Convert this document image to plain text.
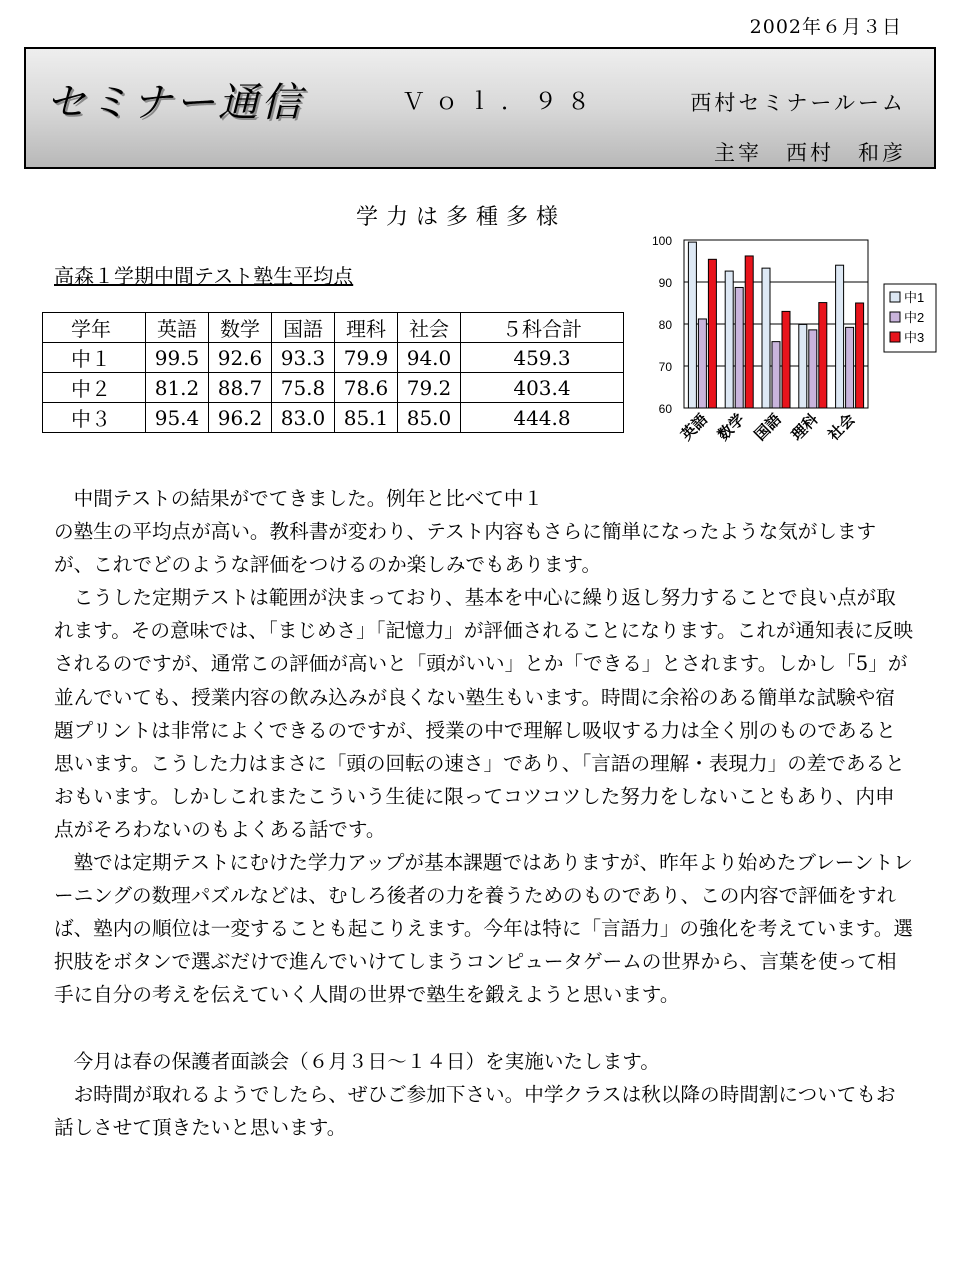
2002年６月３日
セミナー通信	Ｖｏｌ．９８	西村セミナールーム
主宰　西村　和彦
学力は多種多様
高森１学期中間テスト塾生平均点
学年	英語	数学	国語	理科	社会	５科合計
中１	99.5	92.6	93.3	79.9	94.0	459.3
中２	81.2	88.7	75.8	78.6	79.2	403.4
中３	95.4	96.2	83.0	85.1	85.0	444.8	60
70
80
90
100
英語 数学 国語 理科 社会
中1
中2
中3

中間テストの結果がでてきました。例年と比べて中１

の塾生の平均点が高い。教科書が変わり、テスト内容もさらに簡単になったような気がしますが、これでどのような評価をつけるのか楽しみでもあります。

こうした定期テストは範囲が決まっており、基本を中心に繰り返し努力することで良い点が取れます。その意味では、「まじめさ」「記憶力」が評価されることになります。これが通知表に反映されるのですが、通常この評価が高いと「頭がいい」とか「できる」とされます。しかし「5」が並んでいても、授業内容の飲み込みが良くない塾生もいます。時間に余裕のある簡単な試験や宿題プリントは非常によくできるのですが、授業の中で理解し吸収する力は全く別のものであると思います。こうした力はまさに「頭の回転の速さ」であり、「言語の理解・表現力」の差であるとおもいます。しかしこれまたこういう生徒に限ってコツコツした努力をしないこともあり、内申点がそろわないのもよくある話です。

塾では定期テストにむけた学力アップが基本課題ではありますが、昨年より始めたブレーントレーニングの数理パズルなどは、むしろ後者の力を養うためのものであり、この内容で評価をすれば、塾内の順位は一変することも起こりえます。今年は特に「言語力」の強化を考えています。選択肢をボタンで選ぶだけで進んでいけてしまうコンピュータゲームの世界から、言葉を使って相手に自分の考えを伝えていく人間の世界で塾生を鍛えようと思います。

今月は春の保護者面談会（６月３日～１４日）を実施いたします。

お時間が取れるようでしたら、ぜひご参加下さい。中学クラスは秋以降の時間割についてもお話しさせて頂きたいと思います。
